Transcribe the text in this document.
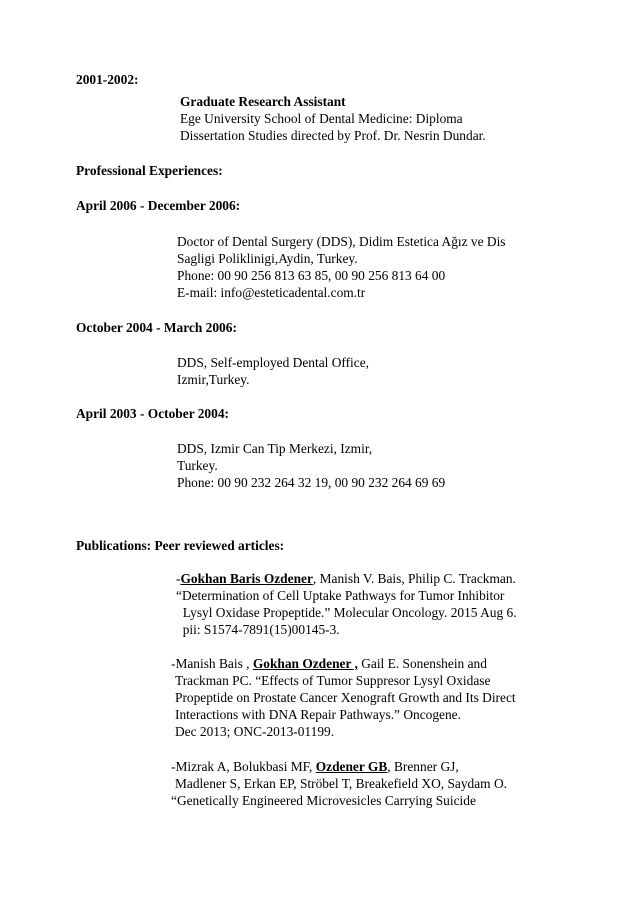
2001-2002:
Graduate Research Assistant
Ege University School of Dental Medicine: Diploma
Dissertation Studies directed by Prof. Dr. Nesrin Dundar.
Professional Experiences:
April 2006 - December 2006:
Doctor of Dental Surgery (DDS), Didim Estetica Ağız ve Dis
Sagligi Poliklinigi,Aydin, Turkey.
Phone: 00 90 256 813 63 85, 00 90 256 813 64 00
E-mail: info@esteticadental.com.tr
October 2004 - March 2006:
DDS, Self-employed Dental Office,
Izmir,Turkey.
April 2003 - October 2004:
DDS, Izmir Can Tip Merkezi, Izmir,
Turkey.
Phone: 00 90 232 264 32 19, 00 90 232 264 69 69
Publications: Peer reviewed articles:
-Gokhan Baris Ozdener, Manish V. Bais, Philip C. Trackman.
“Determination of Cell Uptake Pathways for Tumor Inhibitor
Lysyl Oxidase Propeptide.” Molecular Oncology. 2015 Aug 6.
pii: S1574-7891(15)00145-3.
-Manish Bais , Gokhan Ozdener , Gail E. Sonenshein and
Trackman PC. “Effects of Tumor Suppresor Lysyl Oxidase
Propeptide on Prostate Cancer Xenograft Growth and Its Direct
Interactions with DNA Repair Pathways.” Oncogene.
Dec 2013; ONC-2013-01199.
-Mizrak A, Bolukbasi MF, Ozdener GB, Brenner GJ,
Madlener S, Erkan EP, Ströbel T, Breakefield XO, Saydam O.
“Genetically Engineered Microvesicles Carrying Suicide
